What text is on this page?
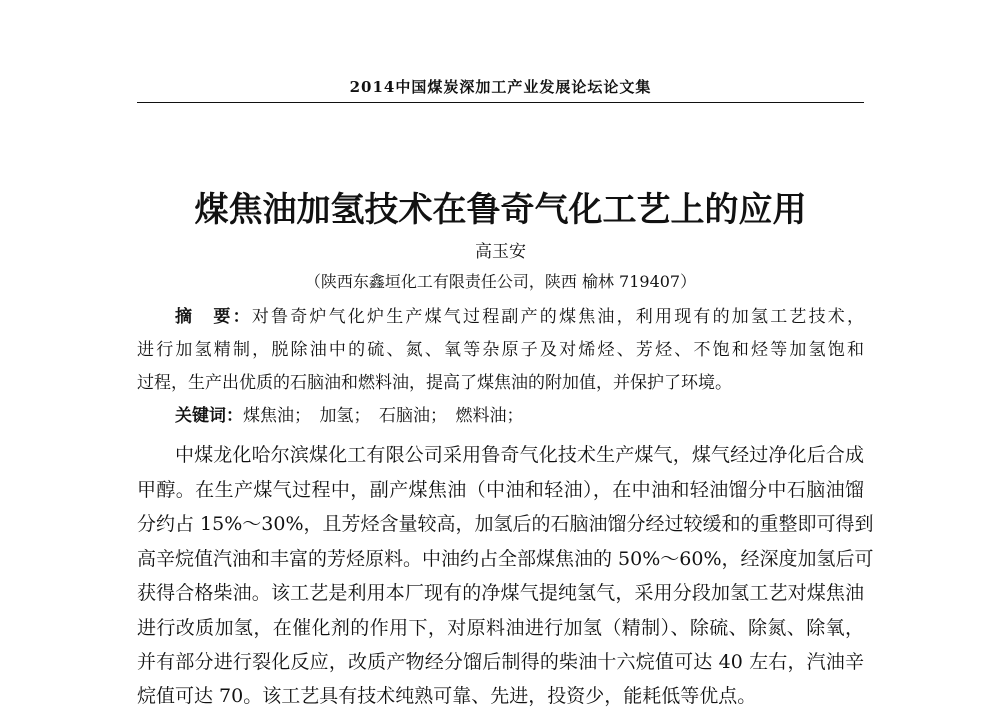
2014中国煤炭深加工产业发展论坛论文集
煤焦油加氢技术在鲁奇气化工艺上的应用
高玉安
（陕西东鑫垣化工有限责任公司，陕西 榆林 719407）
摘　要：对鲁奇炉气化炉生产煤气过程副产的煤焦油，利用现有的加氢工艺技术，
进行加氢精制，脱除油中的硫、氮、氧等杂原子及对烯烃、芳烃、不饱和烃等加氢饱和
过程，生产出优质的石脑油和燃料油，提高了煤焦油的附加值，并保护了环境。
关键词：煤焦油；　加氢；　石脑油；　燃料油；
中煤龙化哈尔滨煤化工有限公司采用鲁奇气化技术生产煤气，煤气经过净化后合成
甲醇。在生产煤气过程中，副产煤焦油（中油和轻油），在中油和轻油馏分中石脑油馏
分约占 15%～30%，且芳烃含量较高，加氢后的石脑油馏分经过较缓和的重整即可得到
高辛烷值汽油和丰富的芳烃原料。中油约占全部煤焦油的 50%～60%，经深度加氢后可
获得合格柴油。该工艺是利用本厂现有的净煤气提纯氢气，采用分段加氢工艺对煤焦油
进行改质加氢，在催化剂的作用下，对原料油进行加氢（精制）、除硫、除氮、除氧，
并有部分进行裂化反应，改质产物经分馏后制得的柴油十六烷值可达 40 左右，汽油辛
烷值可达 70。该工艺具有技术纯熟可靠、先进，投资少，能耗低等优点。
